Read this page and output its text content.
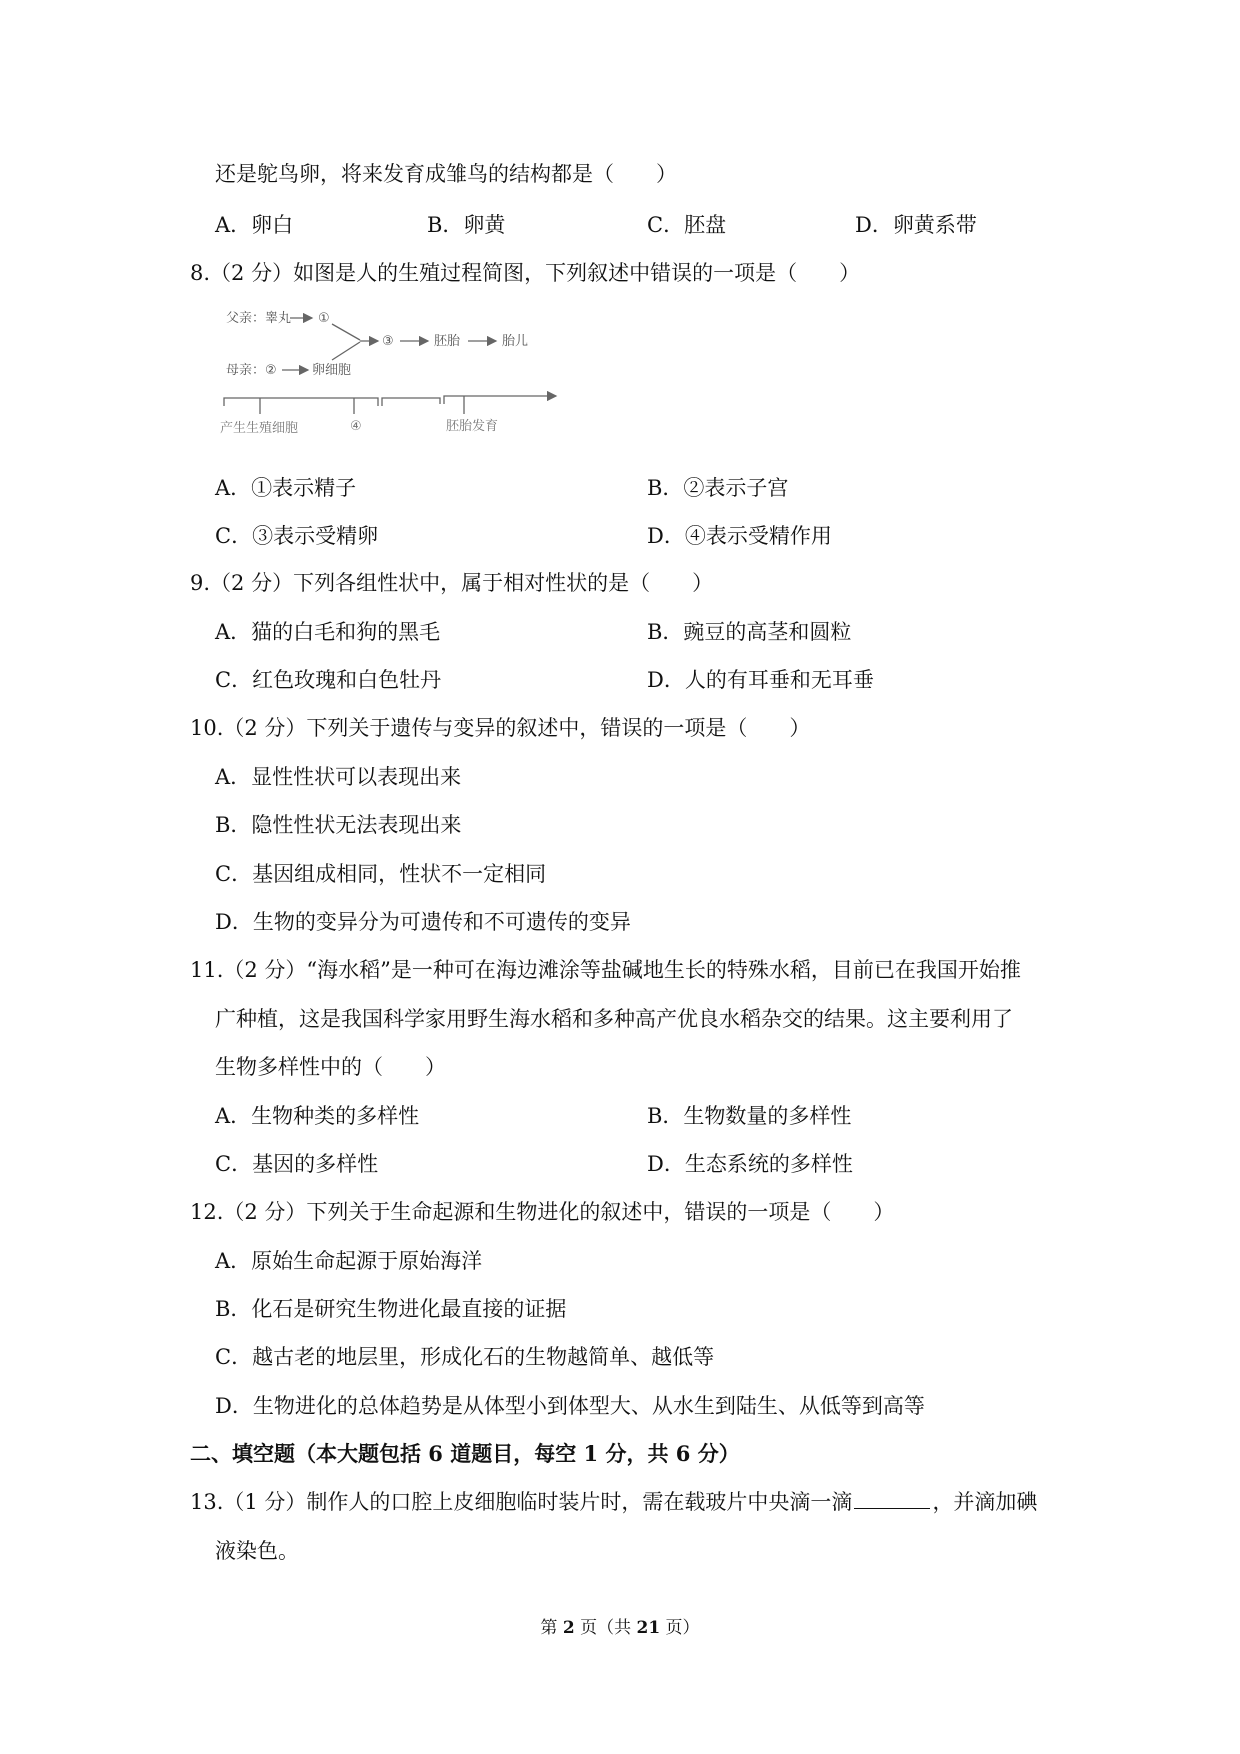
还是鸵鸟卵，将来发育成雏鸟的结构都是（　　）
A．卵白	B．卵黄	C．胚盘	D．卵黄系带
8.（2 分）如图是人的生殖过程简图，下列叙述中错误的一项是（　　）
父亲：睾丸 ①
③	胚胎	胎儿
母亲：②	卵细胞
产生生殖细胞	④	胚胎发育
A．①表示精子	B．②表示子宫
C．③表示受精卵	D．④表示受精作用
9.（2 分）下列各组性状中，属于相对性状的是（　　）
A．猫的白毛和狗的黑毛	B．豌豆的高茎和圆粒
C．红色玫瑰和白色牡丹	D．人的有耳垂和无耳垂
10.（2 分）下列关于遗传与变异的叙述中，错误的一项是（　　）
A．显性性状可以表现出来
B．隐性性状无法表现出来
C．基因组成相同，性状不一定相同
D．生物的变异分为可遗传和不可遗传的变异
11.（2 分）“海水稻”是一种可在海边滩涂等盐碱地生长的特殊水稻，目前已在我国开始推
广种植，这是我国科学家用野生海水稻和多种高产优良水稻杂交的结果。这主要利用了
生物多样性中的（　　）
A．生物种类的多样性	B．生物数量的多样性
C．基因的多样性	D．生态系统的多样性
12.（2 分）下列关于生命起源和生物进化的叙述中，错误的一项是（　　）
A．原始生命起源于原始海洋
B．化石是研究生物进化最直接的证据
C．越古老的地层里，形成化石的生物越简单、越低等
D．生物进化的总体趋势是从体型小到体型大、从水生到陆生、从低等到高等
二、填空题（本大题包括 6 道题目，每空 1 分，共 6 分）
13.（1 分）制作人的口腔上皮细胞临时装片时，需在载玻片中央滴一滴	，并滴加碘
液染色。
第 2 页（共 21 页）
